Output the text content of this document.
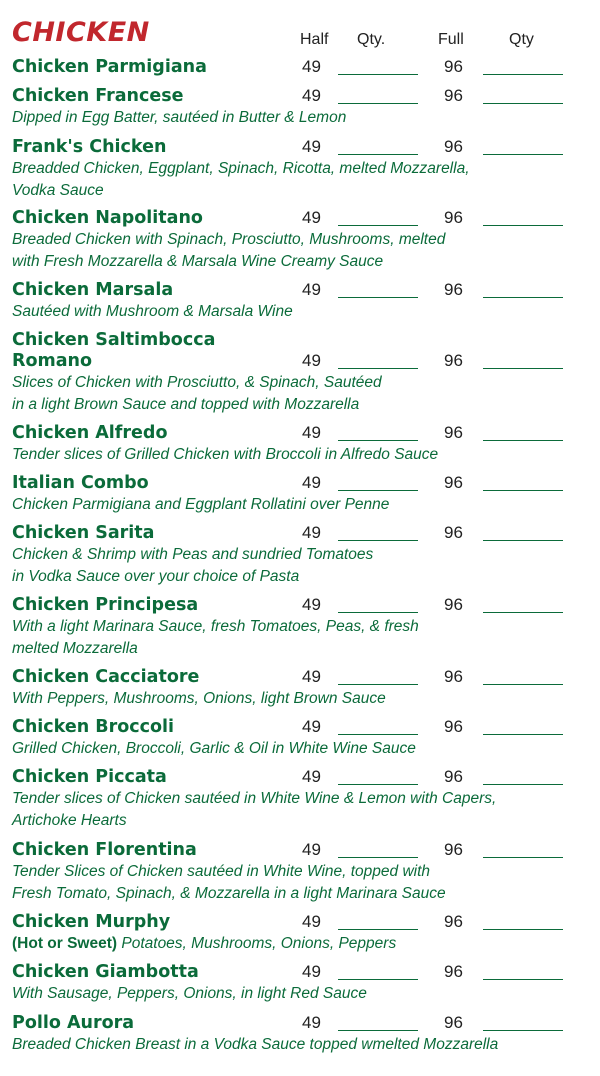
CHICKEN	Half Qty.	Full	Qty
Chicken Parmigiana	49	96
Chicken Francese	49	96
Dipped in Egg Batter, sautéed in Butter & Lemon
Frank's Chicken	49	96
Breadded Chicken, Eggplant, Spinach, Ricotta, melted Mozzarella,
Vodka Sauce
Chicken Napolitano	49	96
Breaded Chicken with Spinach, Prosciutto, Mushrooms, melted
with Fresh Mozzarella & Marsala Wine Creamy Sauce
Chicken Marsala	49	96
Sautéed with Mushroom & Marsala Wine
Chicken Saltimbocca
Romano	49	96
Slices of Chicken with Prosciutto, & Spinach, Sautéed
in a light Brown Sauce and topped with Mozzarella
Chicken Alfredo	49	96
Tender slices of Grilled Chicken with Broccoli in Alfredo Sauce
Italian Combo	49	96
Chicken Parmigiana and Eggplant Rollatini over Penne
Chicken Sarita	49	96
Chicken & Shrimp with Peas and sundried Tomatoes
in Vodka Sauce over your choice of Pasta
Chicken Principesa	49	96
With a light Marinara Sauce, fresh Tomatoes, Peas, & fresh
melted Mozzarella
Chicken Cacciatore	49	96
With Peppers, Mushrooms, Onions, light Brown Sauce
Chicken Broccoli	49	96
Grilled Chicken, Broccoli, Garlic & Oil in White Wine Sauce
Chicken Piccata	49	96
Tender slices of Chicken sautéed in White Wine & Lemon with Capers,
Artichoke Hearts
Chicken Florentina	49	96
Tender Slices of Chicken sautéed in White Wine, topped with
Fresh Tomato, Spinach, & Mozzarella in a light Marinara Sauce
Chicken Murphy	49	96
(Hot or Sweet) Potatoes, Mushrooms, Onions, Peppers
Chicken Giambotta	49	96
With Sausage, Peppers, Onions, in light Red Sauce
Pollo Aurora	49	96
Breaded Chicken Breast in a Vodka Sauce topped wmelted Mozzarella
